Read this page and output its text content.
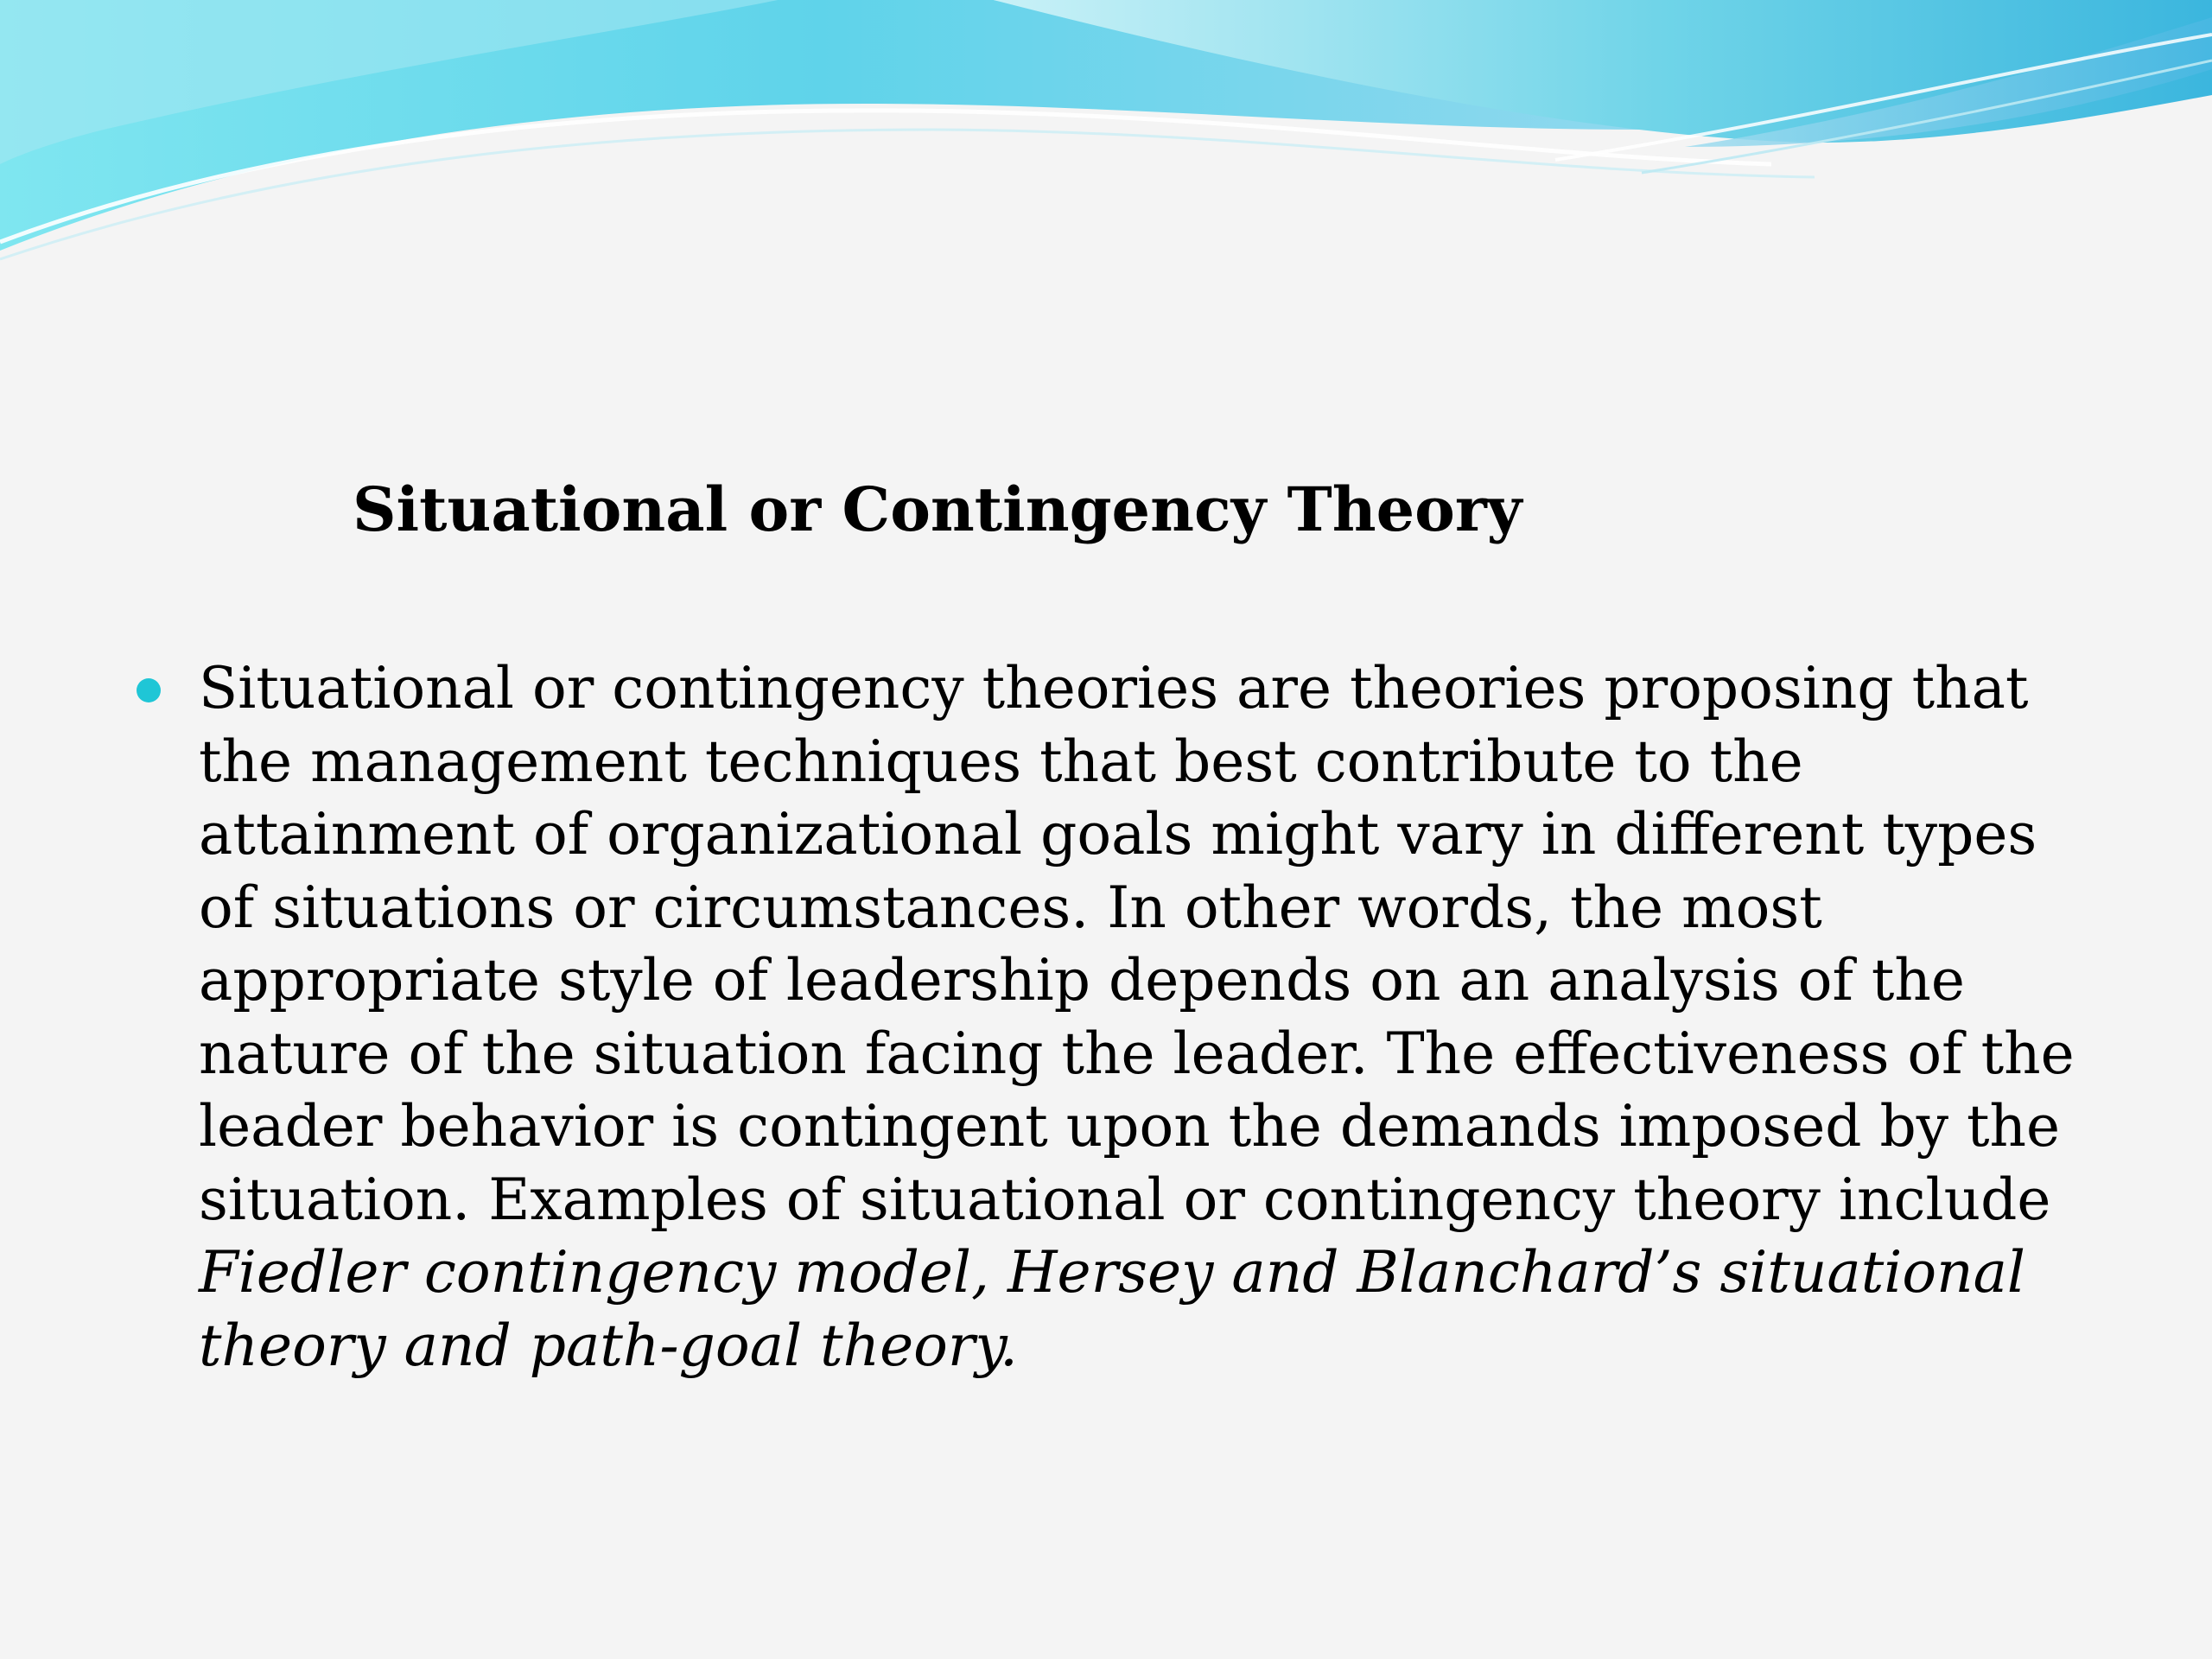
Situational or Contingency Theory
Situational or contingency theories are theories proposing that
the management techniques that best contribute to the
attainment of organizational goals might vary in different types
of situations or circumstances. In other words, the most
appropriate style of leadership depends on an analysis of the
nature of the situation facing the leader. The effectiveness of the
leader behavior is contingent upon the demands imposed by the
situation. Examples of situational or contingency theory include
Fiedler contingency model, Hersey and Blanchard’s situational
theory and path-goal theory.
